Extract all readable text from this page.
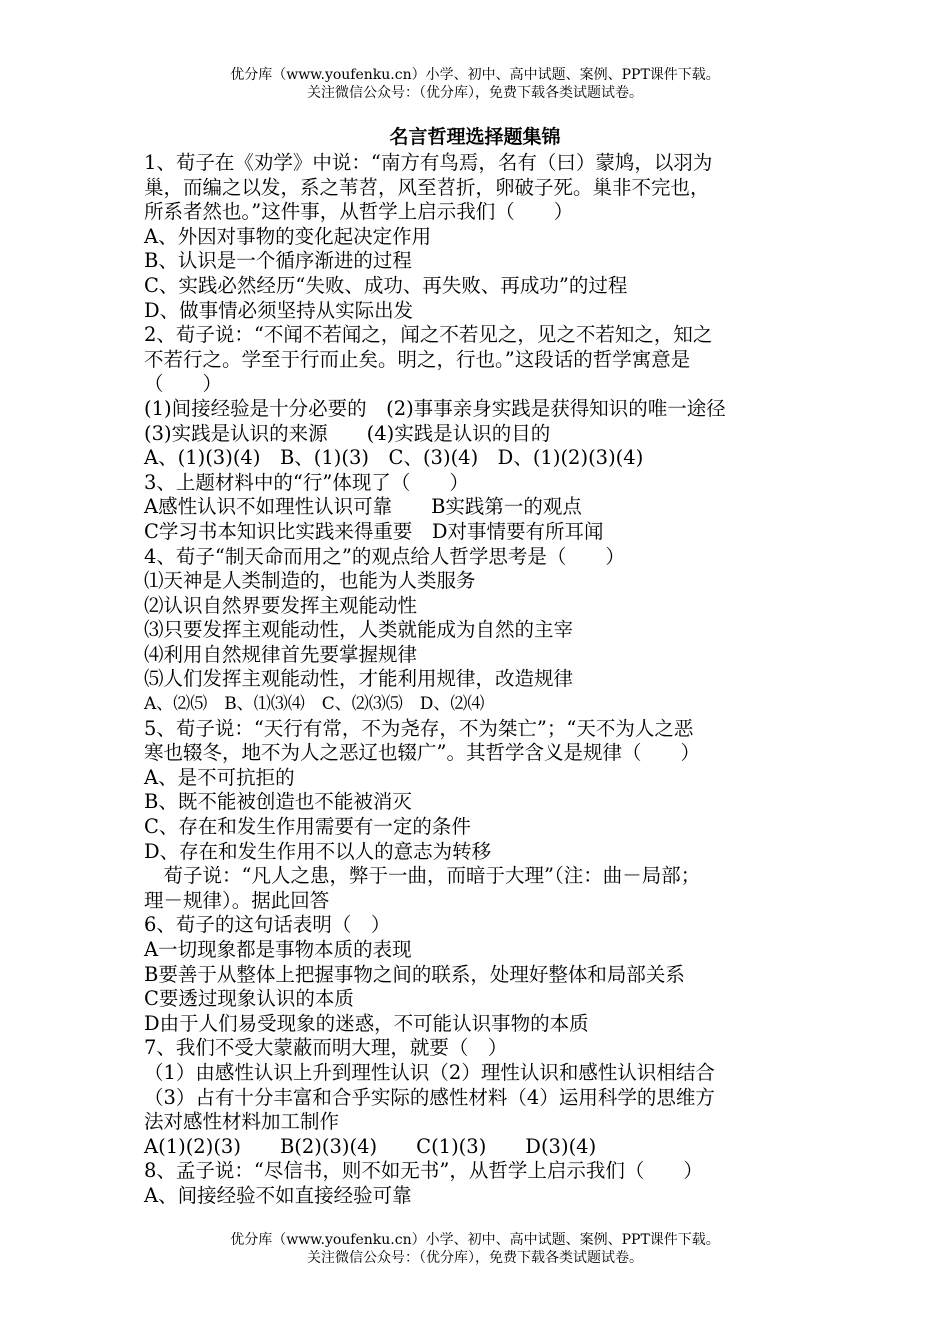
优分库（www.youfenku.cn）小学、初中、高中试题、案例、PPT课件下载。
关注微信公众号：（优分库），免费下载各类试题试卷。
名言哲理选择题集锦
1、荀子在《劝学》中说：“南方有鸟焉，名有（曰）蒙鸠，以羽为
巢，而编之以发，系之苇苕，风至苕折，卵破子死。巢非不完也，
所系者然也。”这件事，从哲学上启示我们（　　）
A、外因对事物的变化起决定作用
B、认识是一个循序渐进的过程
C、实践必然经历“失败、成功、再失败、再成功”的过程
D、做事情必须坚持从实际出发
2、荀子说：“不闻不若闻之，闻之不若见之，见之不若知之，知之
不若行之。学至于行而止矣。明之，行也。”这段话的哲学寓意是
（　　）
(1)间接经验是十分必要的　(2)事事亲身实践是获得知识的唯一途径
(3)实践是认识的来源　　(4)实践是认识的目的
A、(1)(3)(4)　B、(1)(3)　C、(3)(4)　D、(1)(2)(3)(4)
3、上题材料中的“行”体现了（　　）
A感性认识不如理性认识可靠　　B实践第一的观点
C学习书本知识比实践来得重要　D对事情要有所耳闻
4、荀子“制天命而用之”的观点给人哲学思考是（　　）
⑴天神是人类制造的，也能为人类服务
⑵认识自然界要发挥主观能动性
⑶只要发挥主观能动性，人类就能成为自然的主宰
⑷利用自然规律首先要掌握规律
⑸人们发挥主观能动性，才能利用规律，改造规律
A、⑵⑸　B、⑴⑶⑷　C、⑵⑶⑸　D、⑵⑷
5、荀子说：“天行有常，不为尧存，不为桀亡”；“天不为人之恶
寒也辍冬，地不为人之恶辽也辍广”。其哲学含义是规律（　　）
A、是不可抗拒的
B、既不能被创造也不能被消灭
C、存在和发生作用需要有一定的条件
D、存在和发生作用不以人的意志为转移
　荀子说：“凡人之患，弊于一曲，而暗于大理”（注：曲－局部；
理－规律）。据此回答
6、荀子的这句话表明（　）
A一切现象都是事物本质的表现
B要善于从整体上把握事物之间的联系，处理好整体和局部关系
C要透过现象认识的本质
D由于人们易受现象的迷惑，不可能认识事物的本质
7、我们不受大蒙蔽而明大理，就要（　）
（1）由感性认识上升到理性认识（2）理性认识和感性认识相结合
（3）占有十分丰富和合乎实际的感性材料（4）运用科学的思维方
法对感性材料加工制作
A(1)(2)(3)　　B(2)(3)(4)　　C(1)(3)　　D(3)(4)
8、孟子说：“尽信书，则不如无书”，从哲学上启示我们（　　）
A、间接经验不如直接经验可靠
优分库（www.youfenku.cn）小学、初中、高中试题、案例、PPT课件下载。
关注微信公众号：（优分库），免费下载各类试题试卷。
